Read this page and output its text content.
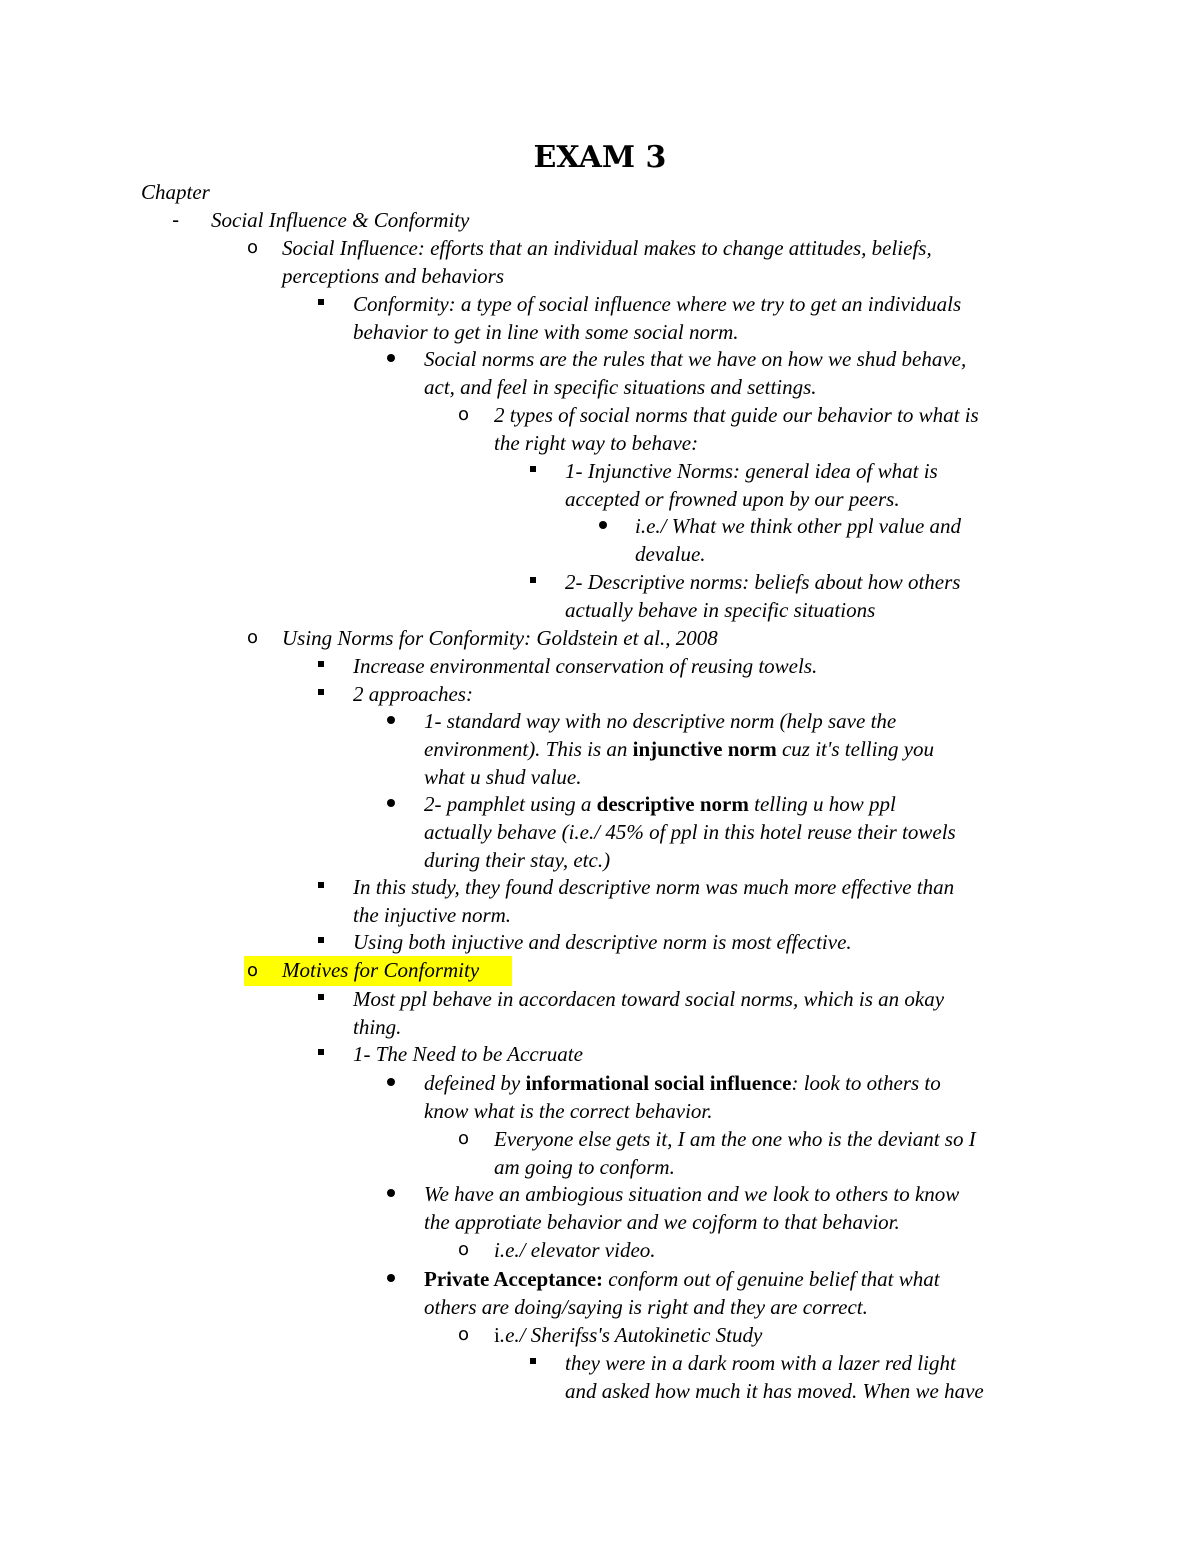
EXAM 3
Chapter
- Social Influence & Conformity
o Social Influence: efforts that an individual makes to change attitudes, beliefs,
perceptions and behaviors
Conformity: a type of social influence where we try to get an individuals
behavior to get in line with some social norm.
Social norms are the rules that we have on how we shud behave,
act, and feel in specific situations and settings.
o 2 types of social norms that guide our behavior to what is
the right way to behave:
1- Injunctive Norms: general idea of what is
accepted or frowned upon by our peers.
i.e./ What we think other ppl value and
devalue.
2- Descriptive norms: beliefs about how others
actually behave in specific situations
o Using Norms for Conformity: Goldstein et al., 2008
Increase environmental conservation of reusing towels.
2 approaches:
1- standard way with no descriptive norm (help save the
environment). This is an injunctive norm cuz it's telling you
what u shud value.
2- pamphlet using a descriptive norm telling u how ppl
actually behave (i.e./ 45% of ppl in this hotel reuse their towels
during their stay, etc.)
In this study, they found descriptive norm was much more effective than
the injuctive norm.
Using both injuctive and descriptive norm is most effective.
o Motives for Conformity
Most ppl behave in accordacen toward social norms, which is an okay
thing.
1- The Need to be Accruate
defeined by informational social influence: look to others to
know what is the correct behavior.
o Everyone else gets it, I am the one who is the deviant so I
am going to conform.
We have an ambiogious situation and we look to others to know
the approtiate behavior and we cojform to that behavior.
o i.e./ elevator video.
Private Acceptance: conform out of genuine belief that what
others are doing/saying is right and they are correct.
o i.e./ Sherifss's Autokinetic Study
they were in a dark room with a lazer red light
and asked how much it has moved. When we have
